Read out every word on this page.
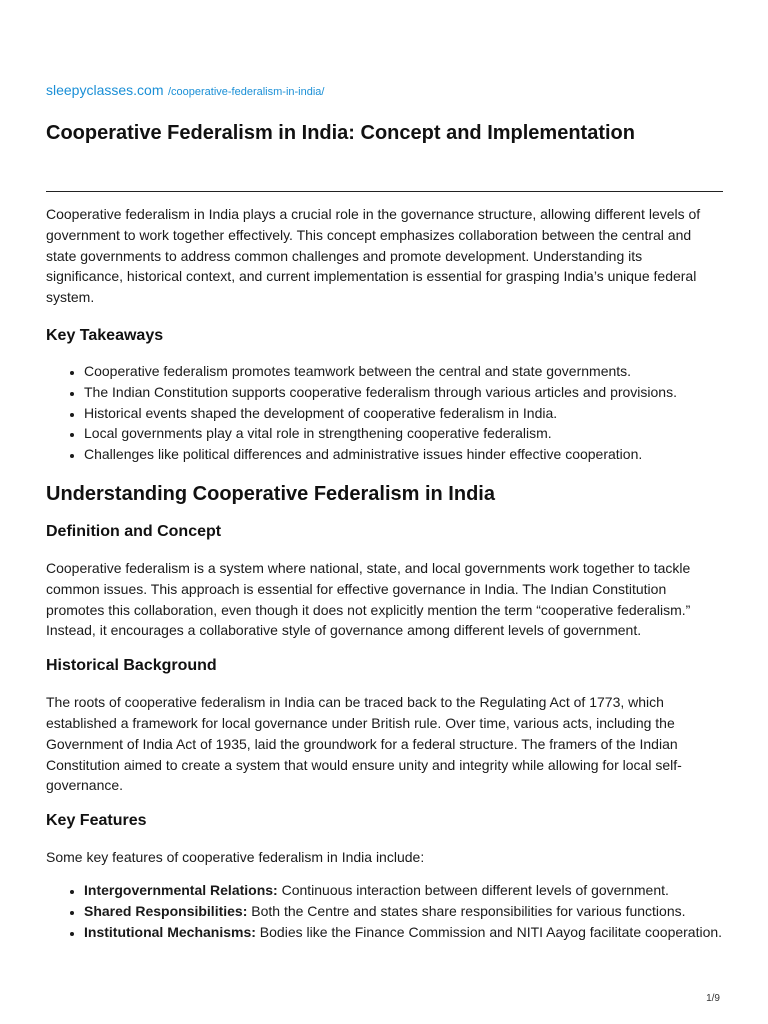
sleepyclasses.com /cooperative-federalism-in-india/
Cooperative Federalism in India: Concept and Implementation

Cooperative federalism in India plays a crucial role in the governance structure, allowing different levels of government to work together effectively. This concept emphasizes collaboration between the central and state governments to address common challenges and promote development. Understanding its significance, historical context, and current implementation is essential for grasping India’s unique federal system.

Key Takeaways
• Cooperative federalism promotes teamwork between the central and state governments.
• The Indian Constitution supports cooperative federalism through various articles and provisions.
• Historical events shaped the development of cooperative federalism in India.
• Local governments play a vital role in strengthening cooperative federalism.
• Challenges like political differences and administrative issues hinder effective cooperation.
Understanding Cooperative Federalism in India
Definition and Concept

Cooperative federalism is a system where national, state, and local governments work together to tackle common issues. This approach is essential for effective governance in India. The Indian Constitution promotes this collaboration, even though it does not explicitly mention the term “cooperative federalism.” Instead, it encourages a collaborative style of governance among different levels of government.

Historical Background

The roots of cooperative federalism in India can be traced back to the Regulating Act of 1773, which established a framework for local governance under British rule. Over time, various acts, including the Government of India Act of 1935, laid the groundwork for a federal structure. The framers of the Indian Constitution aimed to create a system that would ensure unity and integrity while allowing for local self-governance.

Key Features

Some key features of cooperative federalism in India include:

• Intergovernmental Relations: Continuous interaction between different levels of government.
• Shared Responsibilities: Both the Centre and states share responsibilities for various functions.
• Institutional Mechanisms: Bodies like the Finance Commission and NITI Aayog facilitate cooperation.
1/9
